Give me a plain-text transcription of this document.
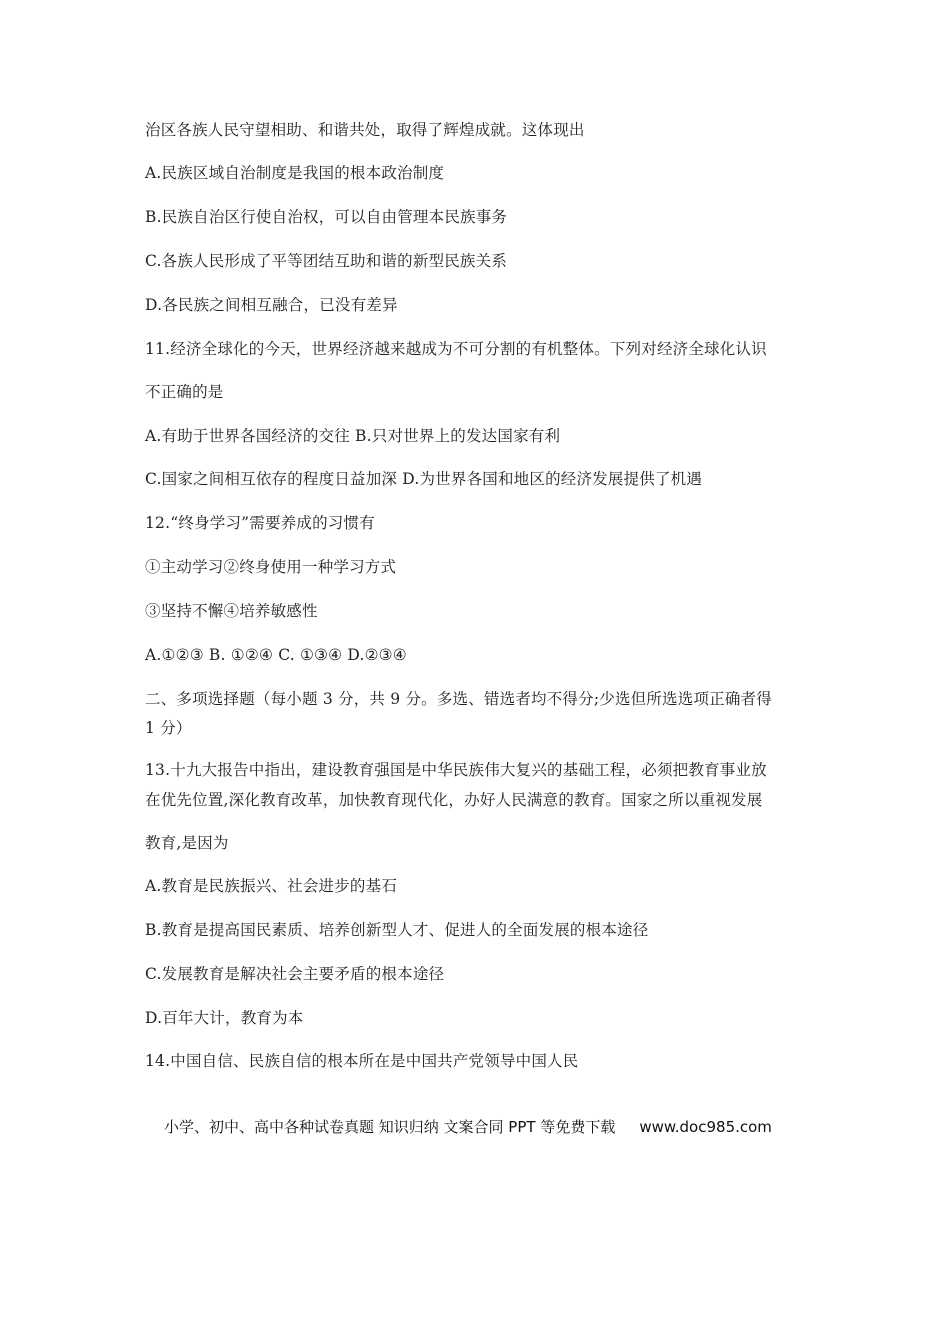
治区各族人民守望相助、和谐共处，取得了辉煌成就。这体现出
A.民族区域自治制度是我国的根本政治制度
B.民族自治区行使自治权，可以自由管理本民族事务
C.各族人民形成了平等团结互助和谐的新型民族关系
D.各民族之间相互融合，已没有差异
11.经济全球化的今天，世界经济越来越成为不可分割的有机整体。下列对经济全球化认识
不正确的是
A.有助于世界各国经济的交往 B.只对世界上的发达国家有利
C.国家之间相互依存的程度日益加深 D.为世界各国和地区的经济发展提供了机遇
12.“终身学习”需要养成的习惯有
①主动学习②终身使用一种学习方式
③坚持不懈④培养敏感性
A.①②③ B. ①②④ C. ①③④ D.②③④
二、多项选择题（每小题 3 分，共 9 分。多选、错选者均不得分;少选但所选选项正确者得
1 分）
13.十九大报告中指出，建设教育强国是中华民族伟大复兴的基础工程，必须把教育事业放
在优先位置,深化教育改革，加快教育现代化，办好人民满意的教育。国家之所以重视发展
教育,是因为
A.教育是民族振兴、社会进步的基石
B.教育是提高国民素质、培养创新型人才、促进人的全面发展的根本途径
C.发展教育是解决社会主要矛盾的根本途径
D.百年大计，教育为本
14.中国自信、民族自信的根本所在是中国共产党领导中国人民
小学、初中、高中各种试卷真题 知识归纳 文案合同 PPT 等免费下载 www.doc985.com
